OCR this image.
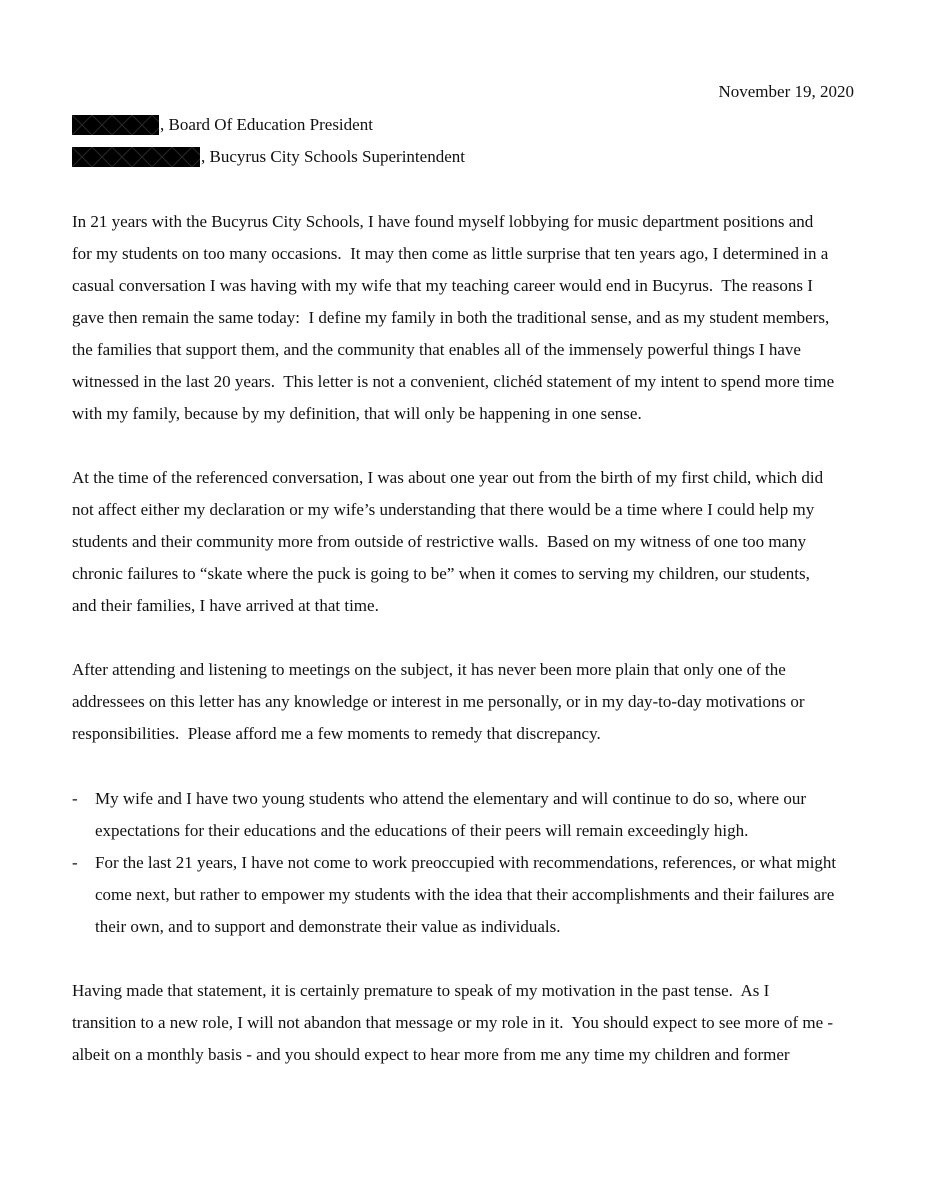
November 19, 2020
, Board Of Education President
, Bucyrus City Schools Superintendent
In 21 years with the Bucyrus City Schools, I have found myself lobbying for music department positions and
for my students on too many occasions.  It may then come as little surprise that ten years ago, I determined in a
casual conversation I was having with my wife that my teaching career would end in Bucyrus.  The reasons I
gave then remain the same today:  I define my family in both the traditional sense, and as my student members,
the families that support them, and the community that enables all of the immensely powerful things I have
witnessed in the last 20 years.  This letter is not a convenient, clichéd statement of my intent to spend more time
with my family, because by my definition, that will only be happening in one sense.
At the time of the referenced conversation, I was about one year out from the birth of my first child, which did
not affect either my declaration or my wife’s understanding that there would be a time where I could help my
students and their community more from outside of restrictive walls.  Based on my witness of one too many
chronic failures to “skate where the puck is going to be” when it comes to serving my children, our students,
and their families, I have arrived at that time.
After attending and listening to meetings on the subject, it has never been more plain that only one of the
addressees on this letter has any knowledge or interest in me personally, or in my day-to-day motivations or
responsibilities.  Please afford me a few moments to remedy that discrepancy.
- My wife and I have two young students who attend the elementary and will continue to do so, where our
expectations for their educations and the educations of their peers will remain exceedingly high.
- For the last 21 years, I have not come to work preoccupied with recommendations, references, or what might
come next, but rather to empower my students with the idea that their accomplishments and their failures are
their own, and to support and demonstrate their value as individuals.
Having made that statement, it is certainly premature to speak of my motivation in the past tense.  As I
transition to a new role, I will not abandon that message or my role in it.  You should expect to see more of me -
albeit on a monthly basis - and you should expect to hear more from me any time my children and former
